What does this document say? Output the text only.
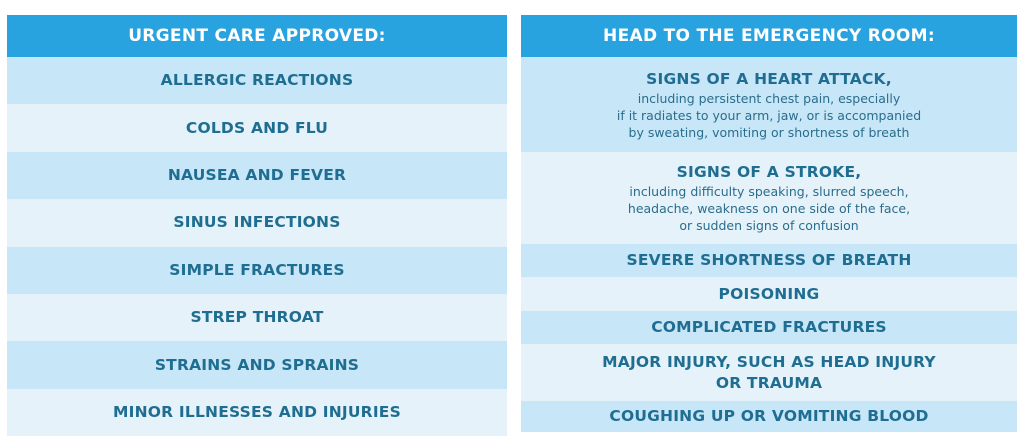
URGENT CARE APPROVED:
ALLERGIC REACTIONS
COLDS AND FLU
NAUSEA AND FEVER
SINUS INFECTIONS
SIMPLE FRACTURES
STREP THROAT
STRAINS AND SPRAINS
MINOR ILLNESSES AND INJURIES
HEAD TO THE EMERGENCY ROOM:
SIGNS OF A HEART ATTACK,
including persistent chest pain, especially
if it radiates to your arm, jaw, or is accompanied
by sweating, vomiting or shortness of breath
SIGNS OF A STROKE,
including difficulty speaking, slurred speech,
headache, weakness on one side of the face,
or sudden signs of confusion
SEVERE SHORTNESS OF BREATH
POISONING
COMPLICATED FRACTURES
MAJOR INJURY, SUCH AS HEAD INJURY
OR TRAUMA
COUGHING UP OR VOMITING BLOOD
